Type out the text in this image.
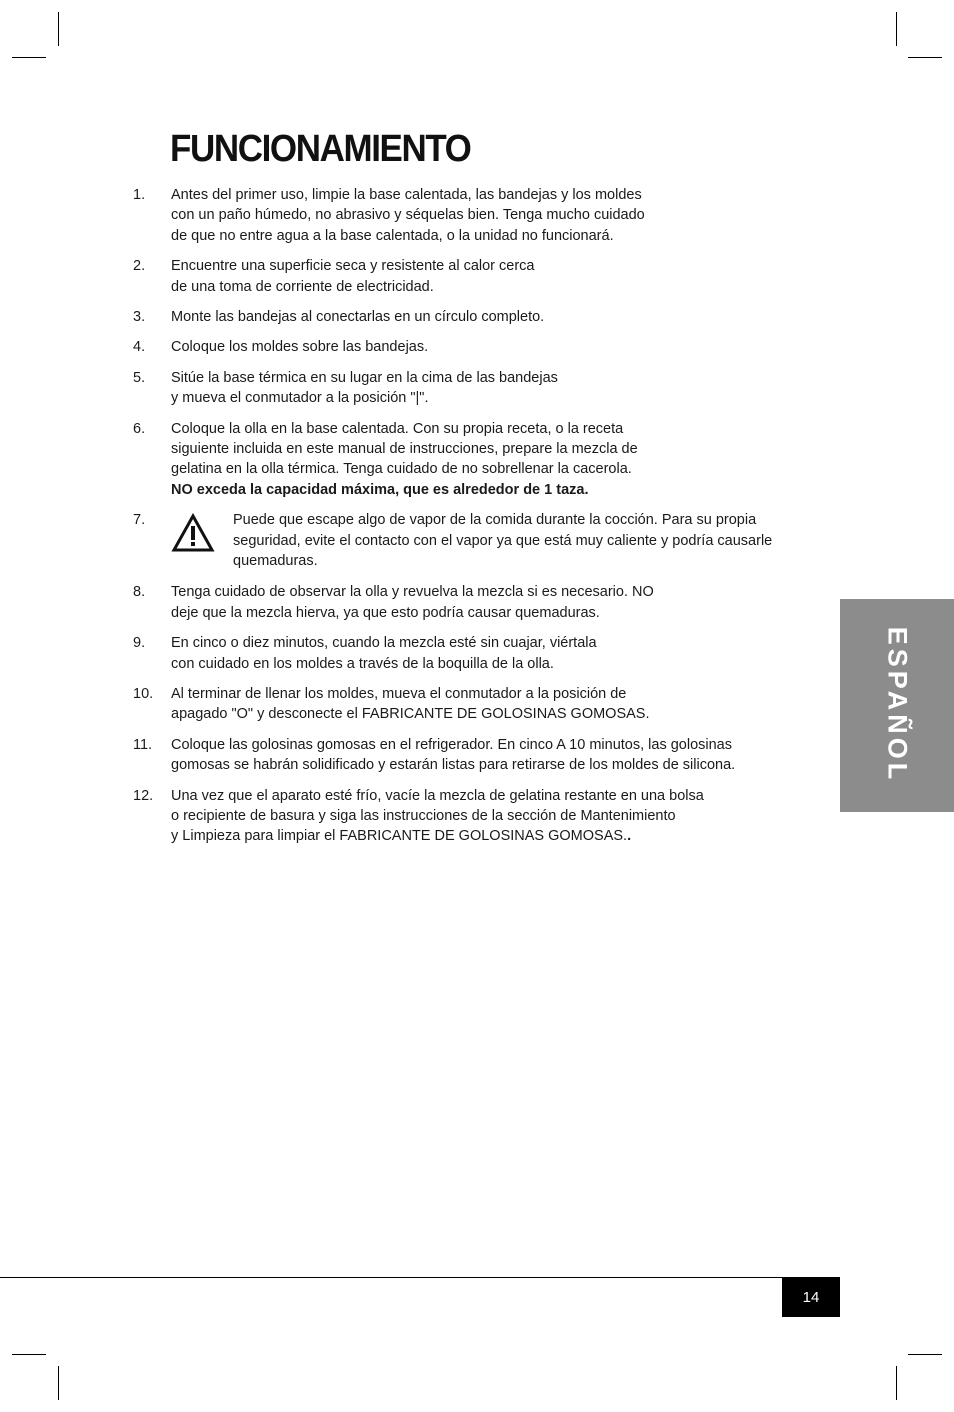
FUNCIONAMIENTO
1. Antes del primer uso, limpie la base calentada, las bandejas y los moldes
con un paño húmedo, no abrasivo y séquelas bien. Tenga mucho cuidado
de que no entre agua a la base calentada, o la unidad no funcionará.
2. Encuentre una superficie seca y resistente al calor cerca
de una toma de corriente de electricidad.
3. Monte las bandejas al conectarlas en un círculo completo.
4. Coloque los moldes sobre las bandejas.
5. Sitúe la base térmica en su lugar en la cima de las bandejas
y mueva el conmutador a la posición "|".
6. Coloque la olla en la base calentada. Con su propia receta, o la receta
siguiente incluida en este manual de instrucciones, prepare la mezcla de
gelatina en la olla térmica. Tenga cuidado de no sobrellenar la cacerola.
NO exceda la capacidad máxima, que es alrededor de 1 taza.
7.	Puede que escape algo de vapor de la comida durante la cocción. Para su propia
seguridad, evite el contacto con el vapor ya que está muy caliente y podría causarle
quemaduras.
8. Tenga cuidado de observar la olla y revuelva la mezcla si es necesario. NO
deje que la mezcla hierva, ya que esto podría causar quemaduras.
9. En cinco o diez minutos, cuando la mezcla esté sin cuajar, viértala
con cuidado en los moldes a través de la boquilla de la olla.
10. Al terminar de llenar los moldes, mueva el conmutador a la posición de
apagado "O" y desconecte el FABRICANTE DE GOLOSINAS GOMOSAS.
11. Coloque las golosinas gomosas en el refrigerador. En cinco A 10 minutos, las golosinas
gomosas se habrán solidificado y estarán listas para retirarse de los moldes de silicona.
12. Una vez que el aparato esté frío, vacíe la mezcla de gelatina restante en una bolsa
o recipiente de basura y siga las instrucciones de la sección de Mantenimiento
y Limpieza para limpiar el FABRICANTE DE GOLOSINAS GOMOSAS..
ESPAÑOL
14
